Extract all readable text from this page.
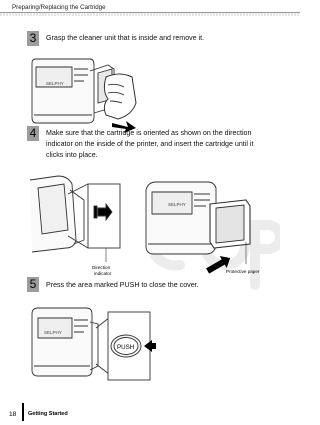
Preparing/Replacing the Cartridge
3	Grasp the cleaner unit that is inside and remove it.
SELPHY
4	Make sure that the cartridge is oriented as shown on the direction
indicator on the inside of the printer, and insert the cartridge until it
clicks into place.
SELPHY
Direction
indicator	Protective paper
5	Press the area marked PUSH to close the cover.
SELPHY
PUSH
18 Getting Started
